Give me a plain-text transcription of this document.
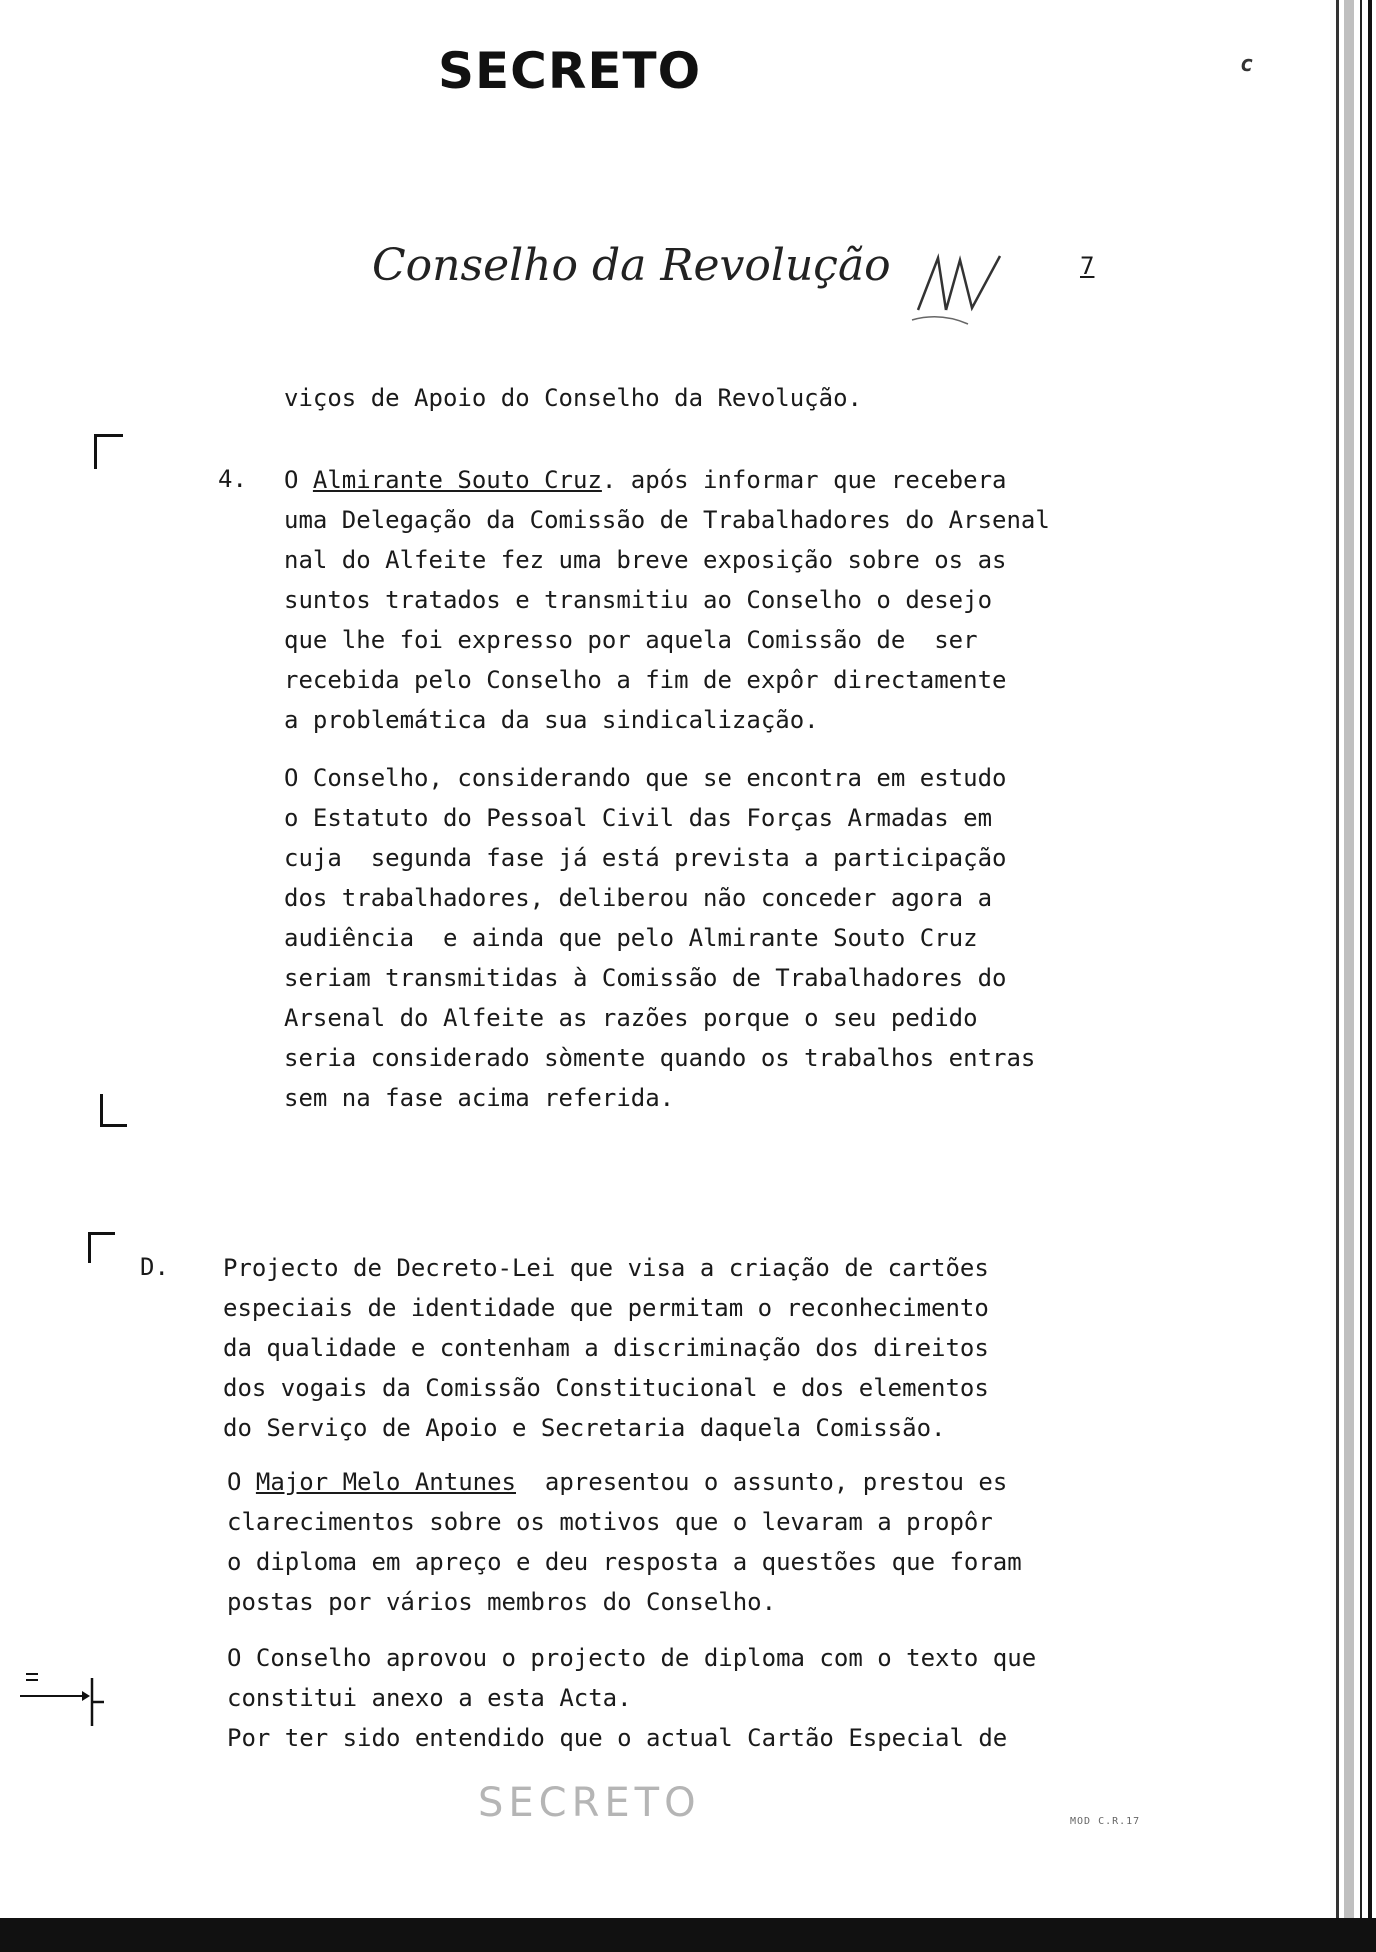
SECRETO	c
Conselho da Revolução	7
viços de Apoio do Conselho da Revolução.
4. O Almirante Souto Cruz. após informar que recebera
uma Delegação da Comissão de Trabalhadores do Arsenal
nal do Alfeite fez uma breve exposição sobre os as
suntos tratados e transmitiu ao Conselho o desejo
que lhe foi expresso por aquela Comissão de  ser
recebida pelo Conselho a fim de expôr directamente
a problemática da sua sindicalização.
O Conselho, considerando que se encontra em estudo
o Estatuto do Pessoal Civil das Forças Armadas em
cuja  segunda fase já está prevista a participação
dos trabalhadores, deliberou não conceder agora a
audiência  e ainda que pelo Almirante Souto Cruz
seriam transmitidas à Comissão de Trabalhadores do
Arsenal do Alfeite as razões porque o seu pedido
seria considerado sòmente quando os trabalhos entras
sem na fase acima referida.
D. Projecto de Decreto-Lei que visa a criação de cartões
especiais de identidade que permitam o reconhecimento
da qualidade e contenham a discriminação dos direitos
dos vogais da Comissão Constitucional e dos elementos
do Serviço de Apoio e Secretaria daquela Comissão.
O Major Melo Antunes  apresentou o assunto, prestou es
clarecimentos sobre os motivos que o levaram a propôr
o diploma em apreço e deu resposta a questões que foram
postas por vários membros do Conselho.
O Conselho aprovou o projecto de diploma com o texto que
constitui anexo a esta Acta.
Por ter sido entendido que o actual Cartão Especial de
SECRETO	MOD C.R.17
